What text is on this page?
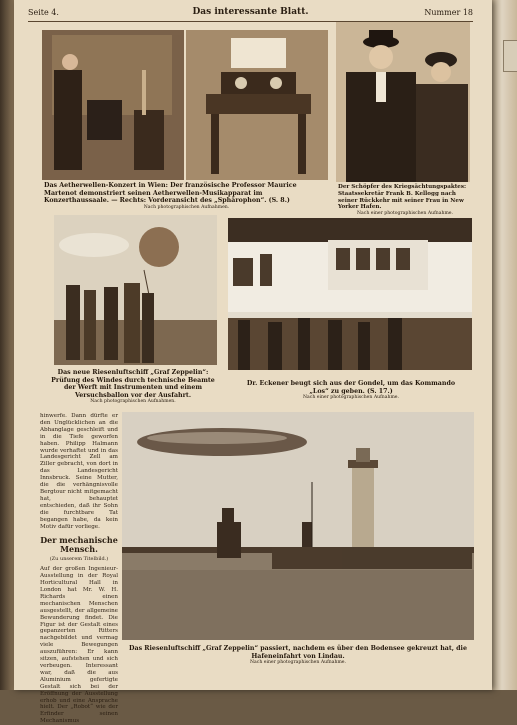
Seite 4.	Das interessante Blatt.	Nummer 18
Das Aetherwellen-Konzert in Wien: Der französische Professor Maurice Martenot demonstriert seinen Aetherwellen-Musikapparat im Konzerthaussaale. — Rechts: Vorderansicht des „Sphärophon“. (S. 8.)
Nach photographischen Aufnahmen.
Der Schöpfer des Kriegsächtungspaktes: Staatssekretär Frank B. Kellogg nach seiner Rückkehr mit seiner Frau in New Yorker Hafen.
Nach einer photographischen Aufnahme.
Das neue Riesenluftschiff „Graf Zeppelin“: Prüfung des Windes durch technische Beamte der Werft mit Instrumenten und einem Versuchsballon vor der Ausfahrt.
Nach photographischen Aufnahmen.
Dr. Eckener beugt sich aus der Gondel, um das Kommando „Los“ zu geben. (S. 17.)
Nach einer photographischen Aufnahme.

hinwerfe. Dann dürfte er den Unglücklichen an die Abhanglage geschleift und in die Tiefe geworfen haben. Philipp Halmann wurde verhaftet und in das Landesgericht Zell am Ziller gebracht, von dort in das Landesgericht Innsbruck. Seine Mutter, die die verhängnisvolle Bergtour nicht mitgemacht hat, behauptet entschieden, daß ihr Sohn die furchtbare Tat begangen habe, da kein Motiv dafür vorliege.

Der mechanische Mensch.
(Zu unserem Titelbild.)

Auf der großen Ingenieur-Ausstellung in der Royal Horticultural Hall in London hat Mr. W. H. Richards einen mechanischen Menschen ausgestellt, der allgemeine Bewunderung findet. Die Figur ist der Gestalt eines gepanzerten Ritters nachgebildet und vermag viele Bewegungen auszuführen: Er kann sitzen, aufstehen und sich verbeugen. Interessant war, daß die aus Aluminium gefertigte Gestalt sich bei der Eröffnung der Ausstellung erhob und eine Ansprache hielt. Der „Robot“ wie der Erfinder seinen Mechanismus

Das Riesenluftschiff „Graf Zeppelin“ passiert, nachdem es über den Bodensee gekreuzt hat, die Hafeneinfahrt von Lindau.
Nach einer photographischen Aufnahme.
